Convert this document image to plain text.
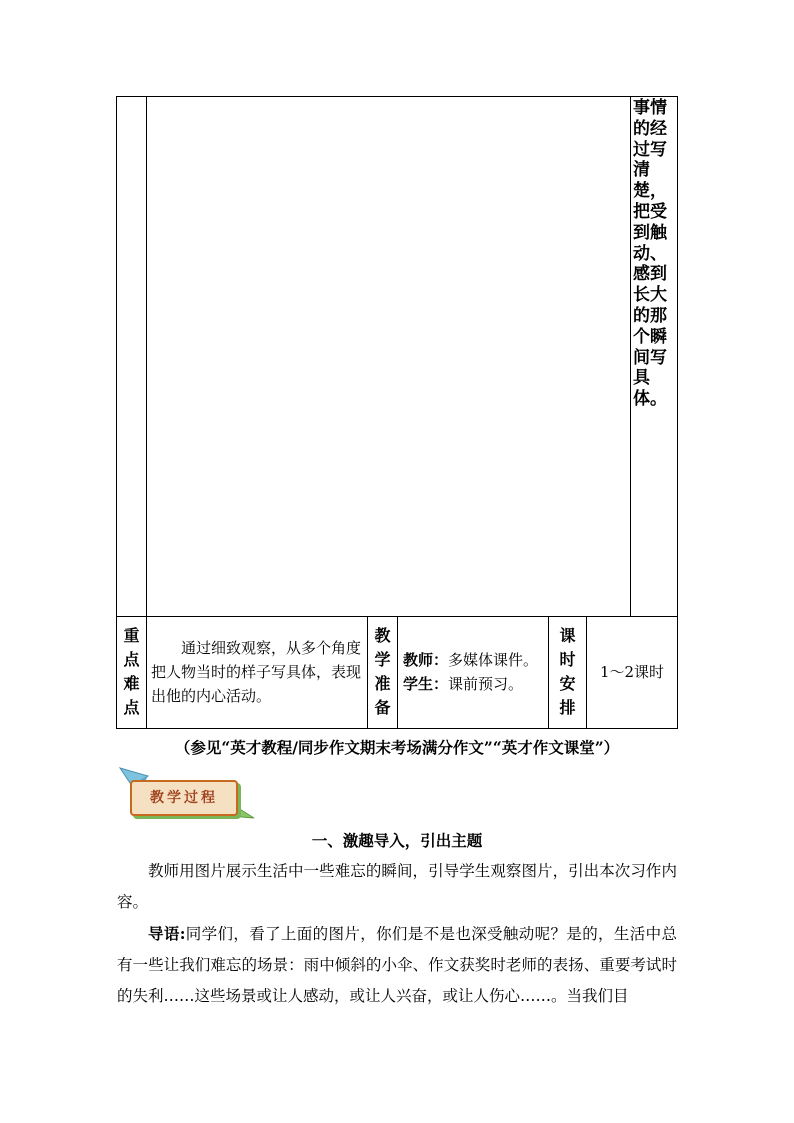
事情的经过写清楚，把受到触动、感到长大的那个瞬间写具体。
重
点
难
点
通过细致观察，从多个角度把人物当时的样子写具体，表现出他的内心活动。
教
学
准
备
教师：多媒体课件。
学生：课前预习。
课
时
安
排
1～2课时
（参见“英才教程/同步作文期末考场满分作文”“英才作文课堂”）
教学过程
一、激趣导入，引出主题
教师用图片展示生活中一些难忘的瞬间，引导学生观察图片，引出本次习作内容。
导语:同学们，看了上面的图片，你们是不是也深受触动呢？是的，生活中总有一些让我们难忘的场景：雨中倾斜的小伞、作文获奖时老师的表扬、重要考试时的失利……这些场景或让人感动，或让人兴奋，或让人伤心……。当我们目
